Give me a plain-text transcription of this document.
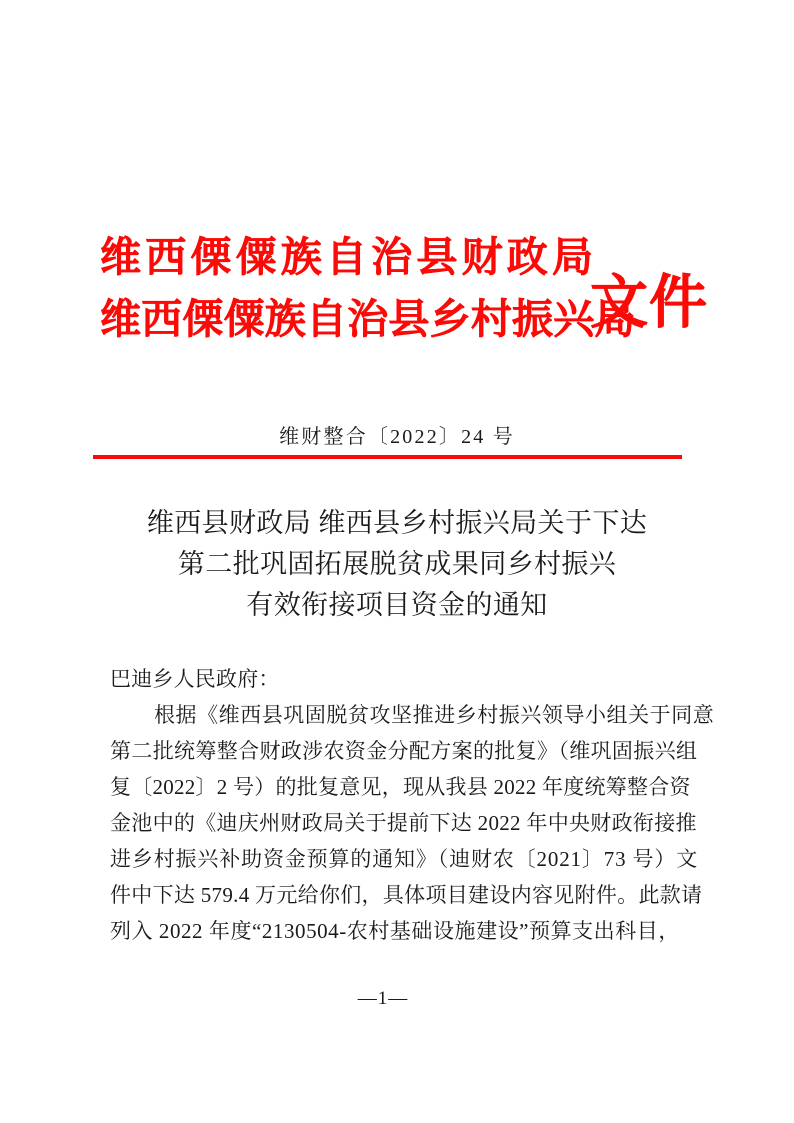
维西傈僳族自治县财政局
维西傈僳族自治县乡村振兴局
文件
维财整合〔2022〕24 号
维西县财政局 维西县乡村振兴局关于下达
第二批巩固拓展脱贫成果同乡村振兴
有效衔接项目资金的通知
巴迪乡人民政府：
根据《维西县巩固脱贫攻坚推进乡村振兴领导小组关于同意
第二批统筹整合财政涉农资金分配方案的批复》（维巩固振兴组
复〔2022〕2 号）的批复意见，现从我县 2022 年度统筹整合资
金池中的《迪庆州财政局关于提前下达 2022 年中央财政衔接推
进乡村振兴补助资金预算的通知》（迪财农〔2021〕73 号）文
件中下达 579.4 万元给你们，具体项目建设内容见附件。此款请
列入 2022 年度“2130504-农村基础设施建设”预算支出科目，
—1—
